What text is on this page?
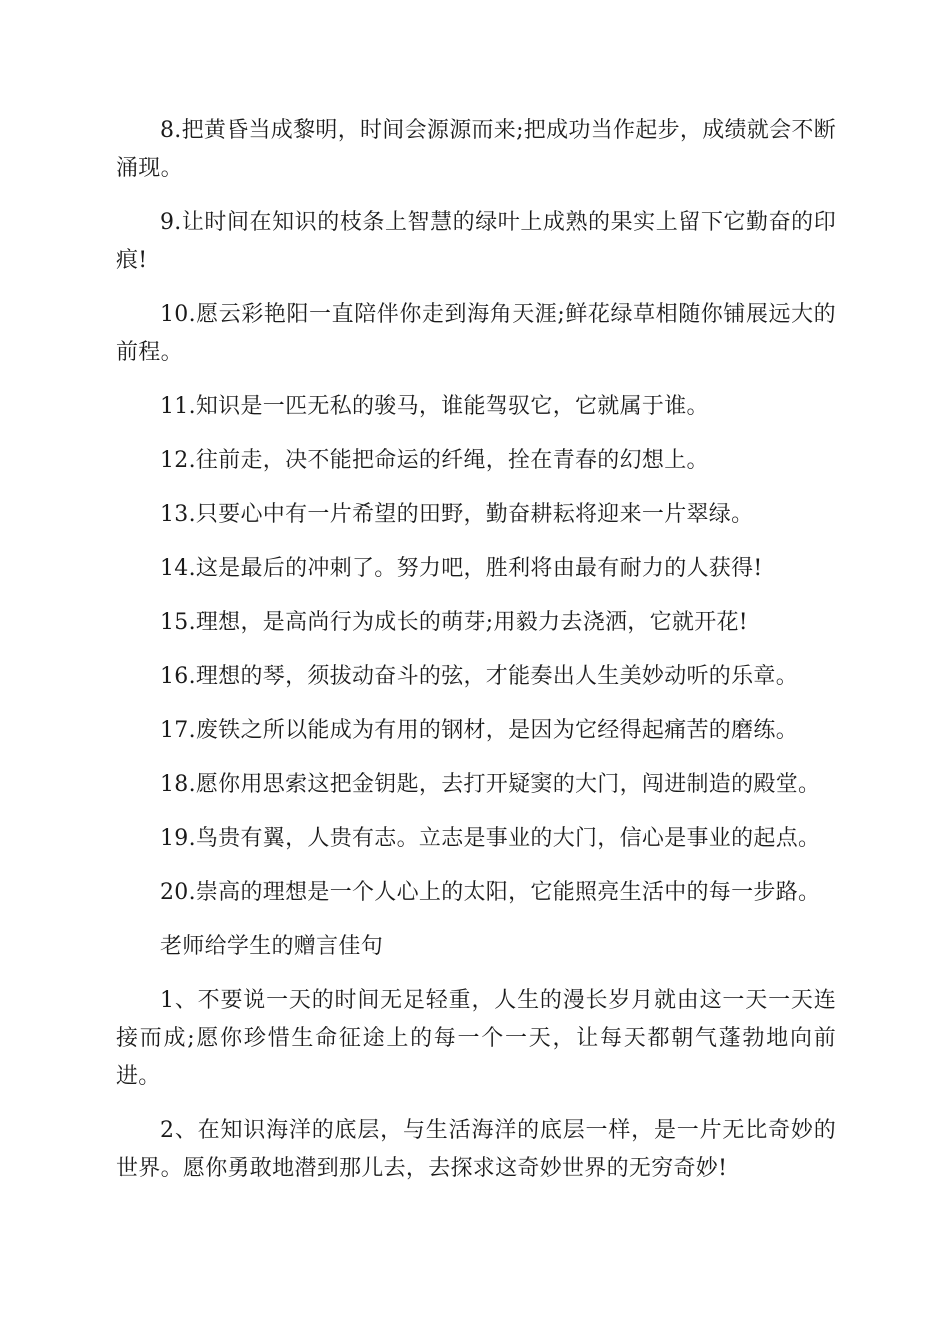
8.把黄昏当成黎明，时间会源源而来;把成功当作起步，成绩就会不断涌现。

9.让时间在知识的枝条上智慧的绿叶上成熟的果实上留下它勤奋的印痕!

10.愿云彩艳阳一直陪伴你走到海角天涯;鲜花绿草相随你铺展远大的前程。

11.知识是一匹无私的骏马，谁能驾驭它，它就属于谁。

12.往前走，决不能把命运的纤绳，拴在青春的幻想上。

13.只要心中有一片希望的田野，勤奋耕耘将迎来一片翠绿。

14.这是最后的冲刺了。努力吧，胜利将由最有耐力的人获得!

15.理想，是高尚行为成长的萌芽;用毅力去浇洒，它就开花!

16.理想的琴，须拔动奋斗的弦，才能奏出人生美妙动听的乐章。

17.废铁之所以能成为有用的钢材，是因为它经得起痛苦的磨练。

18.愿你用思索这把金钥匙，去打开疑窦的大门，闯进制造的殿堂。

19.鸟贵有翼，人贵有志。立志是事业的大门，信心是事业的起点。

20.崇高的理想是一个人心上的太阳，它能照亮生活中的每一步路。

老师给学生的赠言佳句

1、不要说一天的时间无足轻重，人生的漫长岁月就由这一天一天连接而成;愿你珍惜生命征途上的每一个一天，让每天都朝气蓬勃地向前进。

2、在知识海洋的底层，与生活海洋的底层一样，是一片无比奇妙的世界。愿你勇敢地潜到那儿去，去探求这奇妙世界的无穷奇妙!
